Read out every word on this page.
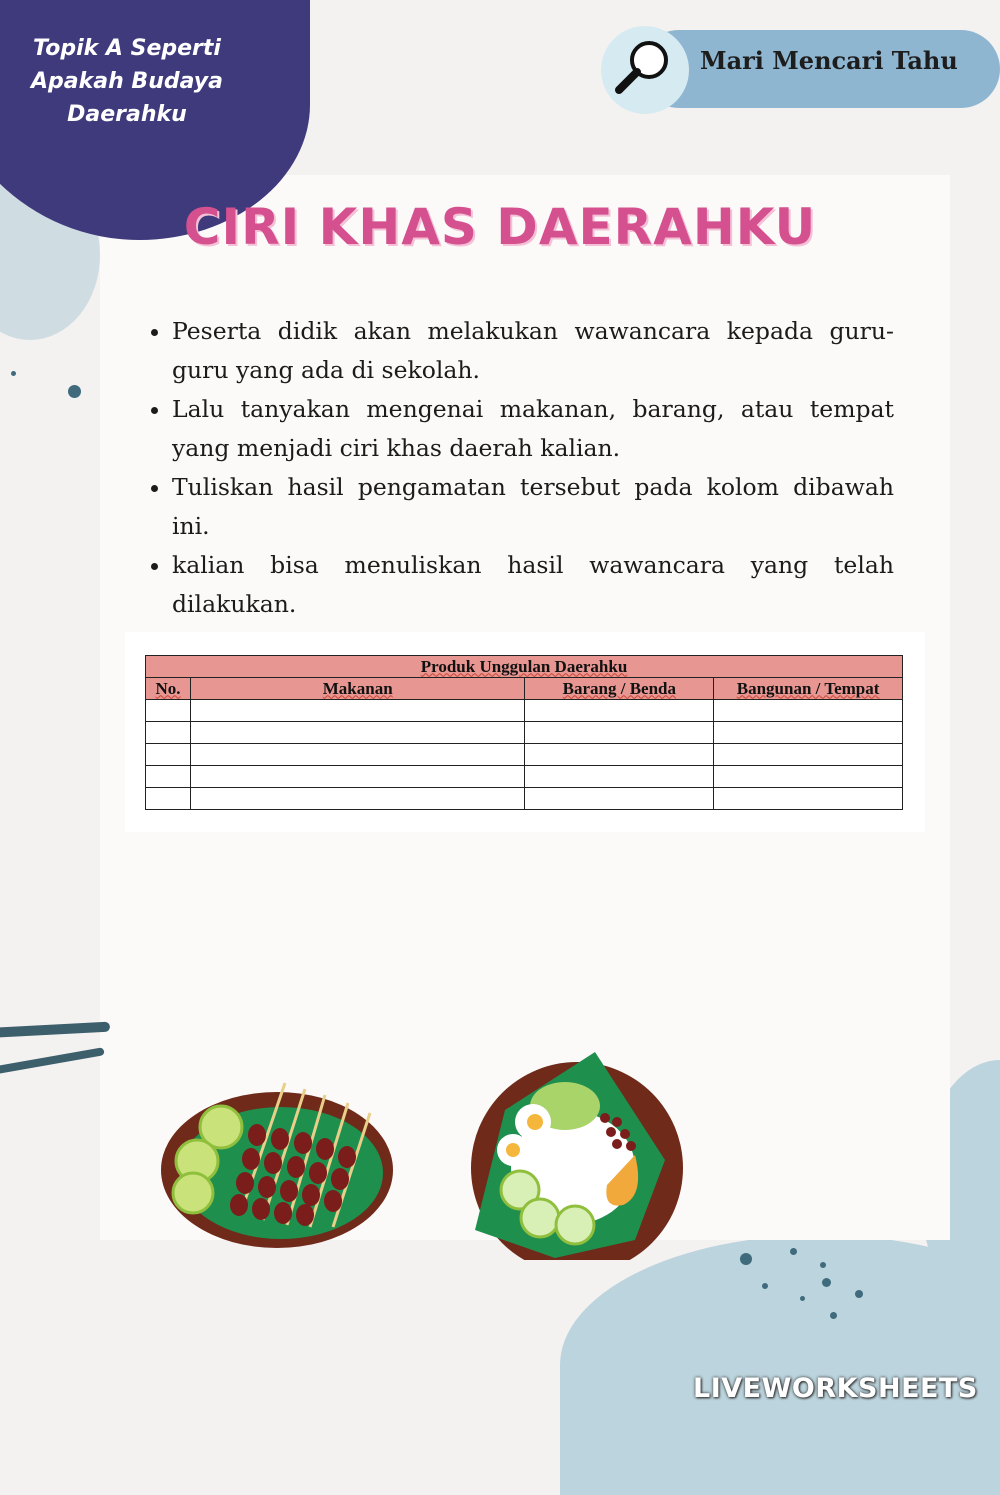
Topik A Seperti
Apakah Budaya
Daerahku
Mari Mencari Tahu
CIRI KHAS DAERAHKU
• Peserta didik akan melakukan wawancara kepada guru-guru yang ada di sekolah.
• Lalu tanyakan mengenai makanan, barang, atau tempat yang menjadi ciri khas daerah kalian.
• Tuliskan hasil pengamatan tersebut pada kolom dibawah ini.
• kalian bisa menuliskan hasil wawancara yang telah dilakukan.
Produk Unggulan Daerahku			
No.	Makanan	Barang / Benda	Bangunan / Tempat

LIVEWORKSHEETS
